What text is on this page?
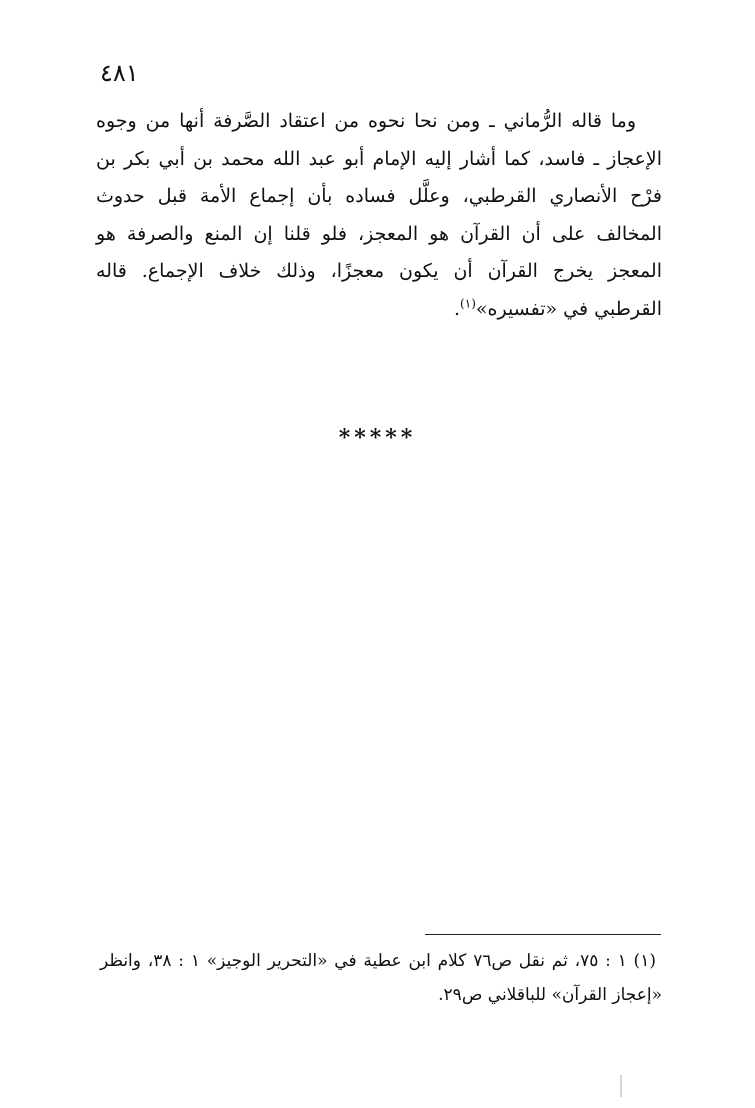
٤٨١

وما قاله الرُّماني ـ ومن نحا نحوه من اعتقاد الصَّرفة أنها من وجوه
الإعجاز ـ فاسد، كما أشار إليه الإمام أبو عبد الله محمد بن أبي بكر بن
فرْح الأنصاري القرطبي، وعلَّل فساده بأن إجماع الأمة قبل حدوث
المخالف على أن القرآن هو المعجز، فلو قلنا إن المنع والصرفة هو
المعجز يخرج القرآن أن يكون معجزًا، وذلك خلاف الإجماع. قاله
القرطبي في «تفسيره»$^{(١)}$.

*****

(١) ١ : ٧٥، ثم نقل ص٧٦ كلام ابن عطية في «التحرير الوجيز» ١ : ٣٨، وانظر
«إعجاز القرآن» للباقلاني ص٢٩.
